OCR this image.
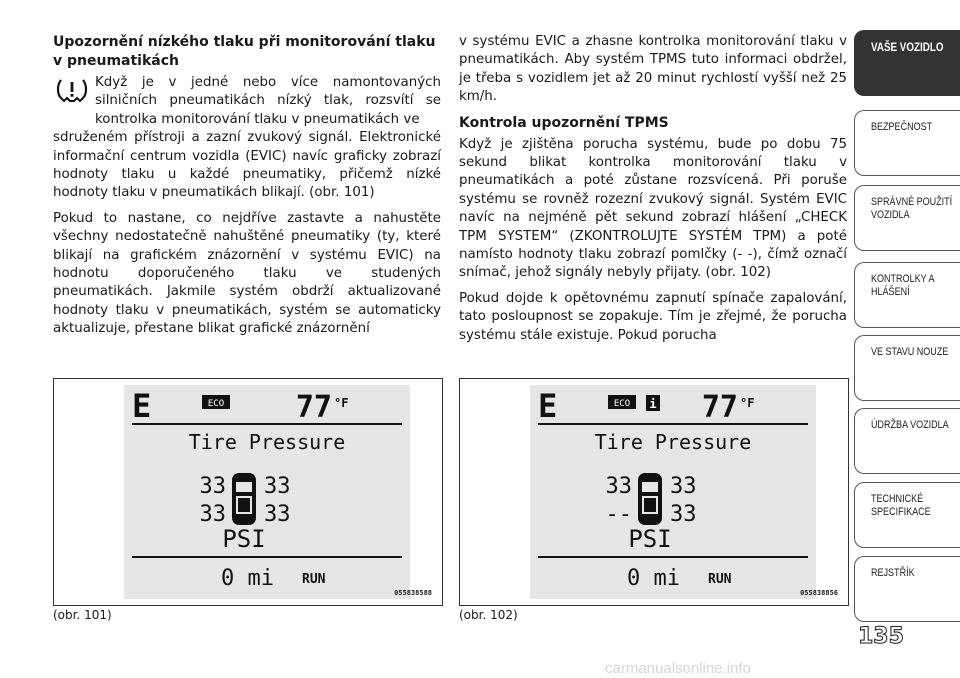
Upozornění nízkého tlaku při monitorování tlaku v pneumatikách

Když je v jedné nebo více namontovaných silničních pneumatikách nízký tlak, rozsvítí se kontrolka monitorování tlaku v pneumatikách ve

sdruženém přístroji a zazní zvukový signál. Elektronické informační centrum vozidla (EVIC) navíc graficky zobrazí hodnoty tlaku u každé pneumatiky, přičemž nízké hodnoty tlaku v pneumatikách blikají. (obr. 101)

Pokud to nastane, co nejdříve zastavte a nahustěte všechny nedostatečně nahuštěné pneumatiky (ty, které blikají na grafickém znázornění v systému EVIC) na hodnotu doporučeného tlaku ve studených pneumatikách. Jakmile systém obdrží aktualizované hodnoty tlaku v pneumatikách, systém se automaticky aktualizuje, přestane blikat grafické znázornění

v systému EVIC a zhasne kontrolka monitorování tlaku v pneumatikách. Aby systém TPMS tuto informaci obdržel, je třeba s vozidlem jet až 20 minut rychlostí vyšší než 25 km/h.

Kontrola upozornění TPMS

Když je zjištěna porucha systému, bude po dobu 75 sekund blikat kontrolka monitorování tlaku v pneumatikách a poté zůstane rozsvícená. Při poruše systému se rovněž rozezní zvukový signál. Systém EVIC navíc na nejméně pět sekund zobrazí hlášení „CHECK TPM SYSTEM“ (ZKONTROLUJTE SYSTÉM TPM) a poté namísto hodnoty tlaku zobrazí pomlčky (- -), čímž označí snímač, jehož signály nebyly přijaty. (obr. 102)

Pokud dojde k opětovnému zapnutí spínače zapalování, tato posloupnost se zopakuje. Tím je zřejmé, že porucha systému stále existuje. Pokud porucha

E	ECO 77 °F
Tire Pressure
33 33
33 33
PSI
0 mi RUN
055838588
E	ECO i 77 °F
Tire Pressure
33 33
-- 33
PSI
0 mi RUN
055838856
(obr. 101)	(obr. 102)
VAŠE VOZIDLO
BEZPEČNOST
SPRÁVNÉ POUŽITÍ VOZIDLA
KONTROLKY A HLÁŠENÍ
VE STAVU NOUZE
ÚDRŽBA VOZIDLA
TECHNICKÉ SPECIFIKACE
REJSTŘÍK
135
carmanualsonline.info
